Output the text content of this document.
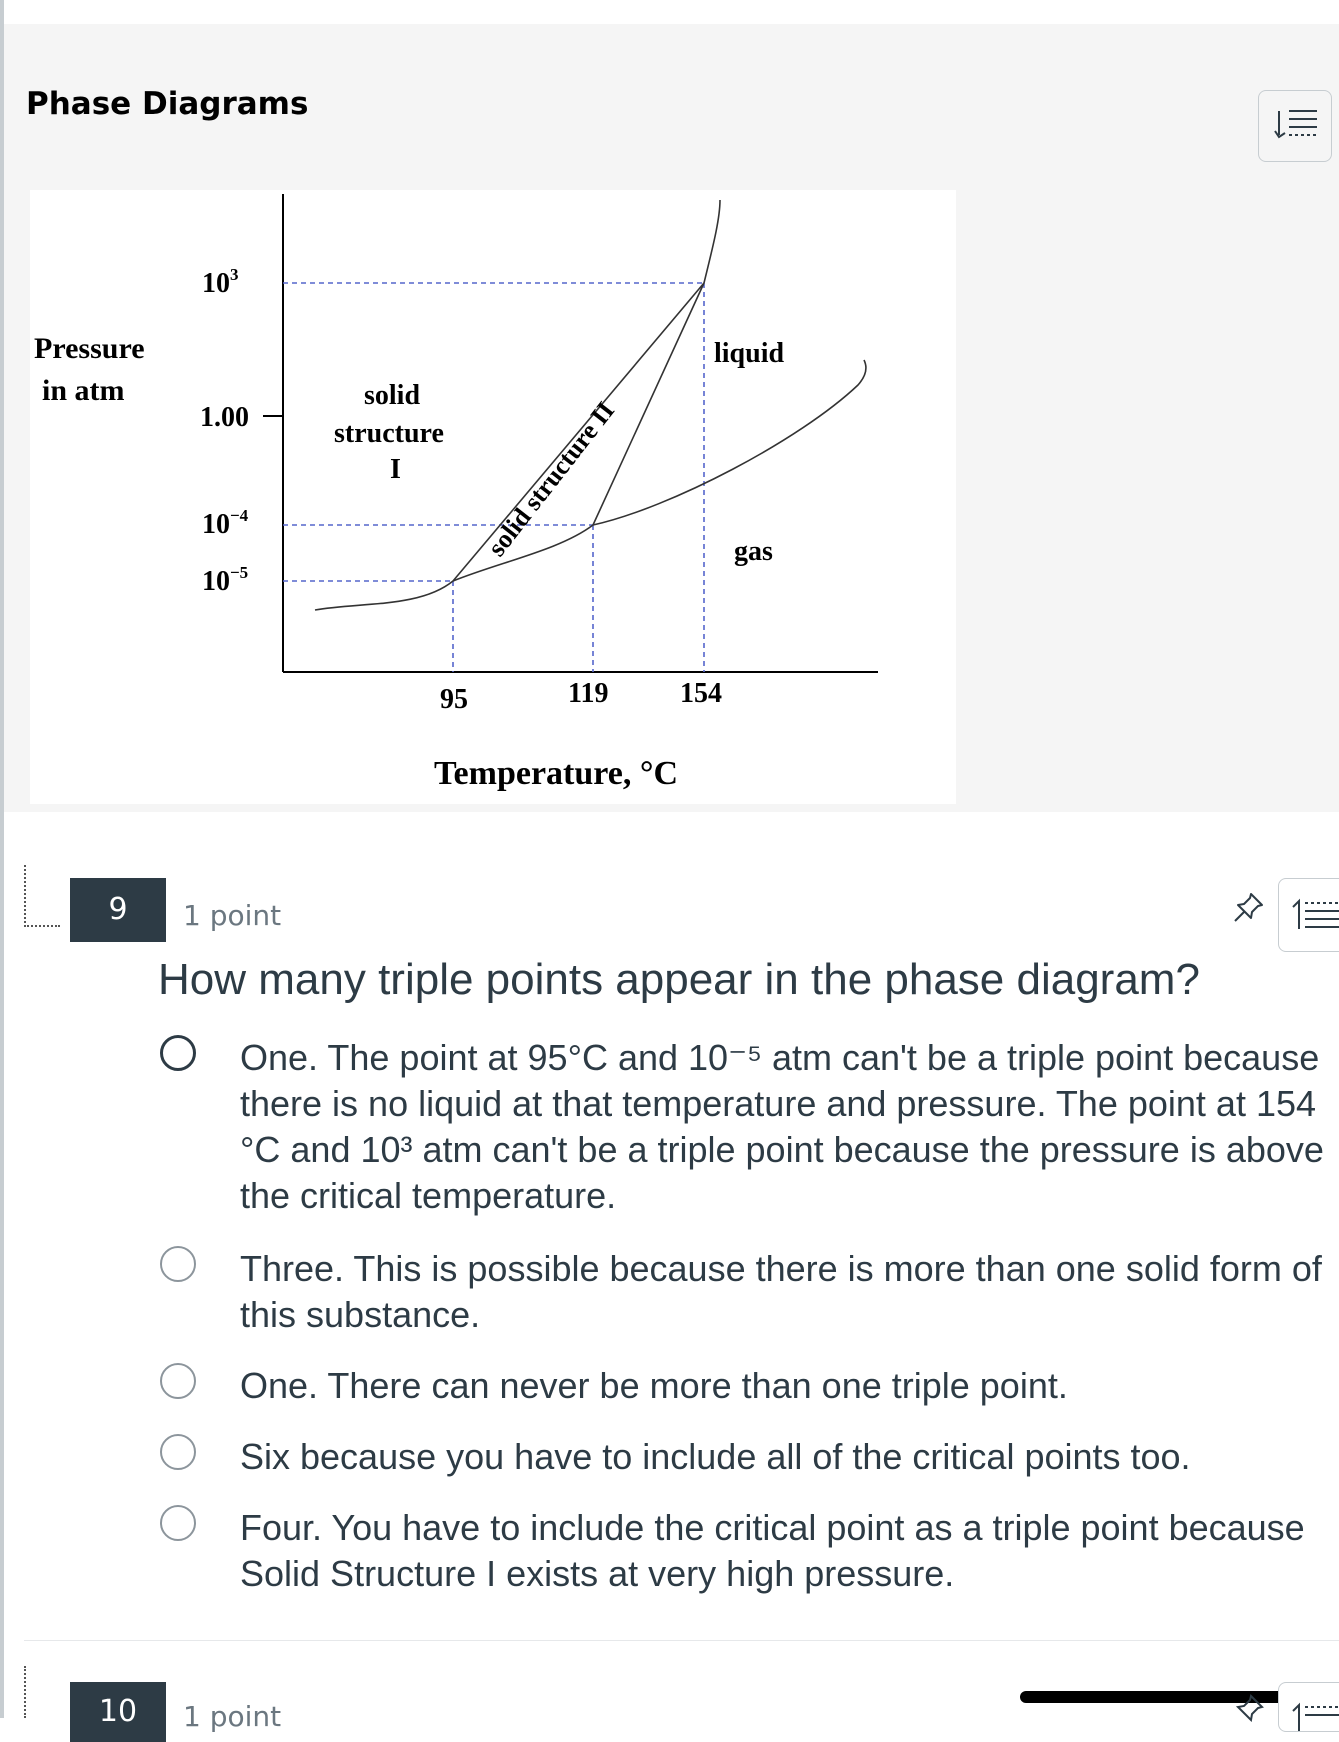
Phase Diagrams
Pressure
in atm
$10^3$
1.00
$10^{-4}$
$10^{-5}$
95	119	154
Temperature, °C
solid
structure
I	solid structure II
liquid
gas
9	1 point

How many triple points appear in the phase diagram?

One. The point at 95°C and 10⁻⁵ atm can't be a triple point because
there is no liquid at that temperature and pressure. The point at 154
°C and 10³ atm can't be a triple point because the pressure is above
the critical temperature.
Three. This is possible because there is more than one solid form of
this substance.
One. There can never be more than one triple point.
Six because you have to include all of the critical points too.
Four. You have to include the critical point as a triple point because
Solid Structure I exists at very high pressure.
10	1 point
